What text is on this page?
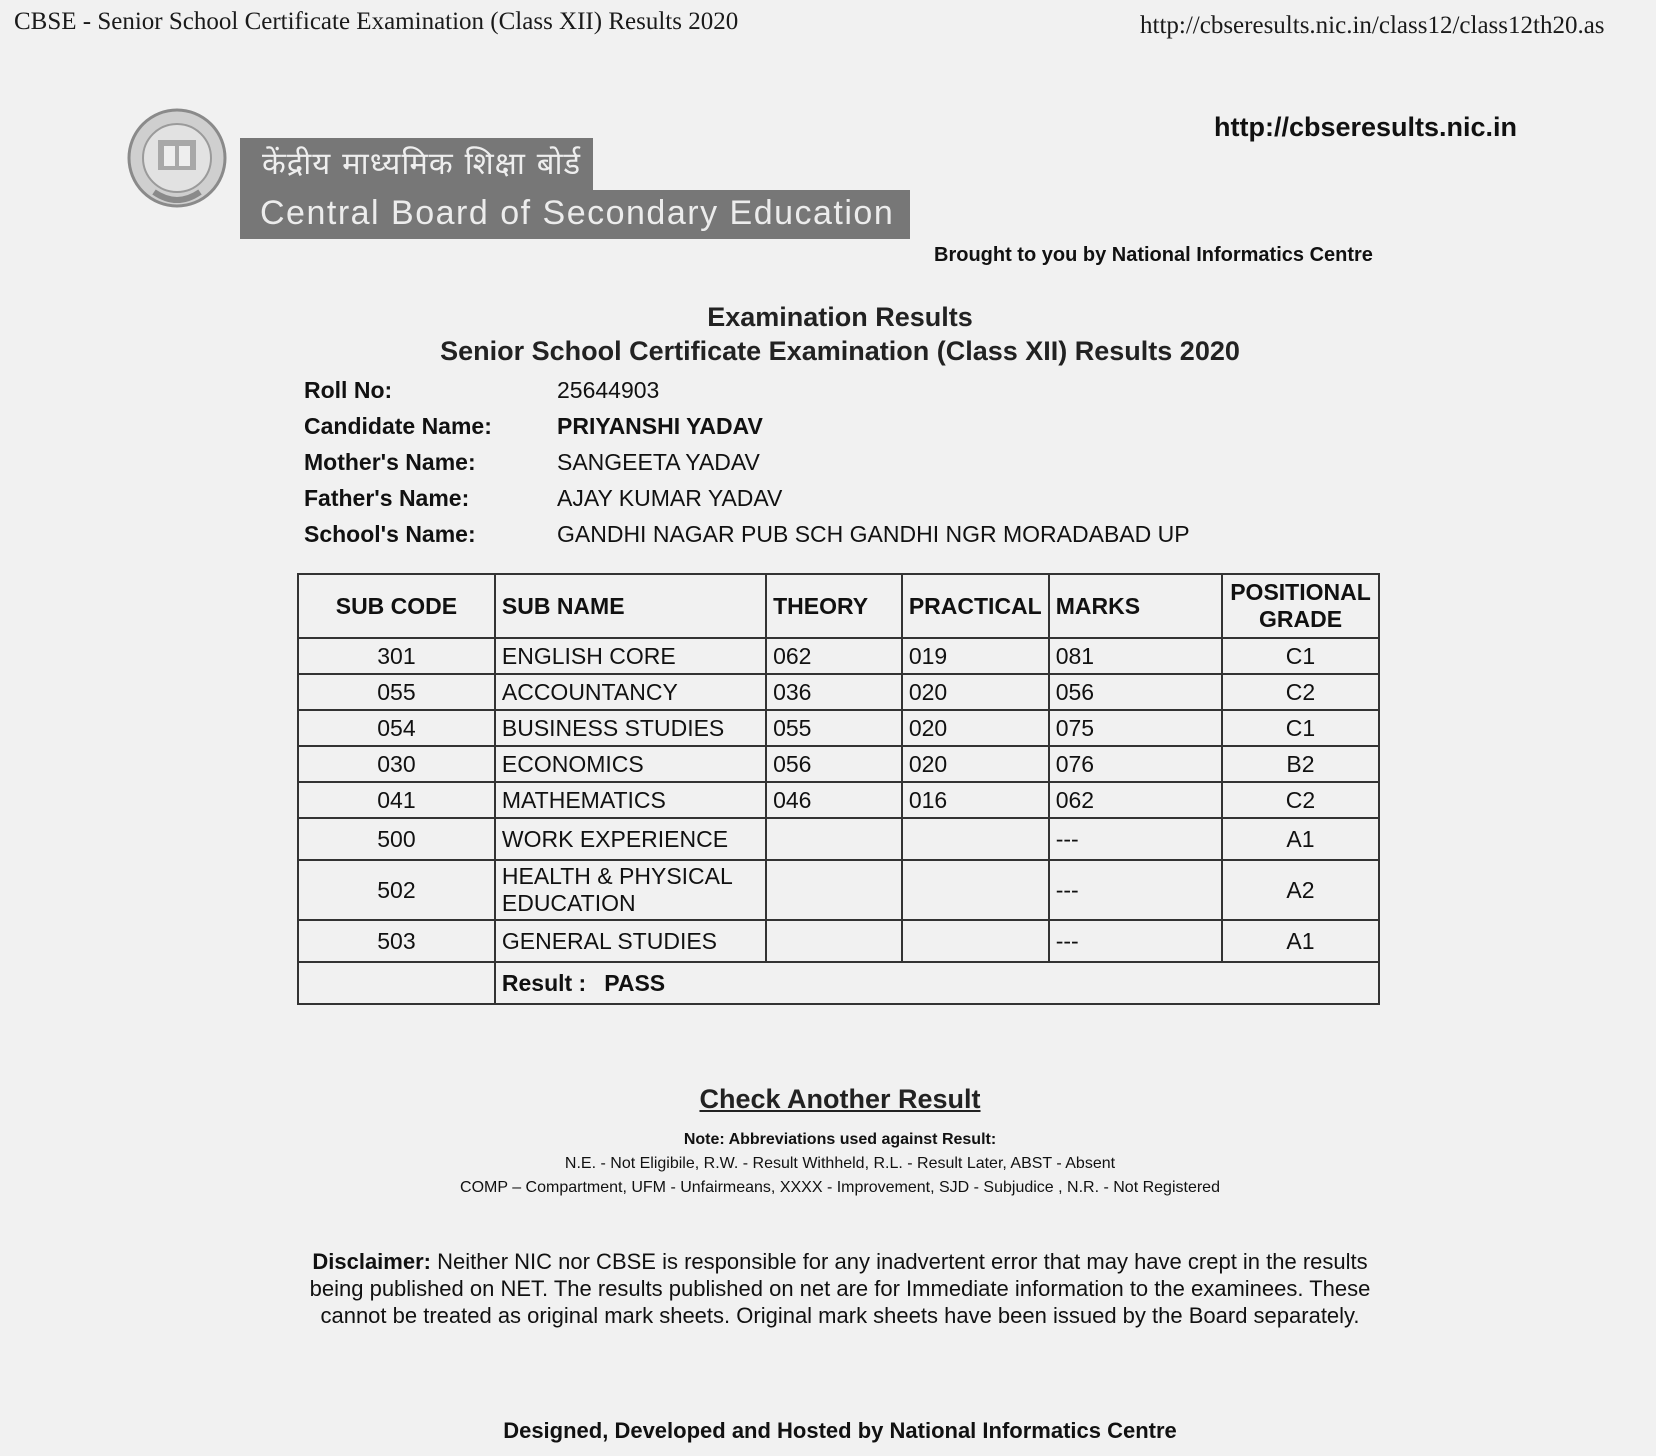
CBSE - Senior School Certificate Examination (Class XII) Results 2020	http://cbseresults.nic.in/class12/class12th20.as
केंद्रीय माध्यमिक शिक्षा बोर्ड
Central Board of Secondary Education
http://cbseresults.nic.in
Brought to you by National Informatics Centre
Examination Results
Senior School Certificate Examination (Class XII) Results 2020
Roll No:	25644903
Candidate Name:	PRIYANSHI YADAV
Mother's Name:	SANGEETA YADAV
Father's Name:	AJAY KUMAR YADAV
School's Name:	GANDHI NAGAR PUB SCH GANDHI NGR MORADABAD UP
SUB CODE	SUB NAME	THEORY	PRACTICAL	MARKS	POSITIONAL
GRADE
301	ENGLISH CORE	062	019	081	C1
055	ACCOUNTANCY	036	020	056	C2
054	BUSINESS STUDIES	055	020	075	C1
030	ECONOMICS	056	020	076	B2
041	MATHEMATICS	046	016	062	C2
500	WORK EXPERIENCE			---	A1
502	HEALTH & PHYSICAL EDUCATION			---	A2
503	GENERAL STUDIES			---	A1
	Result : PASS				
Check Another Result
Note: Abbreviations used against Result:
N.E. - Not Eligibile, R.W. - Result Withheld, R.L. - Result Later, ABST - Absent
COMP – Compartment, UFM - Unfairmeans, XXXX - Improvement, SJD - Subjudice , N.R. - Not Registered
Disclaimer: Neither NIC nor CBSE is responsible for any inadvertent error that may have crept in the results being published on NET. The results published on net are for Immediate information to the examinees. These cannot be treated as original mark sheets. Original mark sheets have been issued by the Board separately.
Designed, Developed and Hosted by National Informatics Centre
